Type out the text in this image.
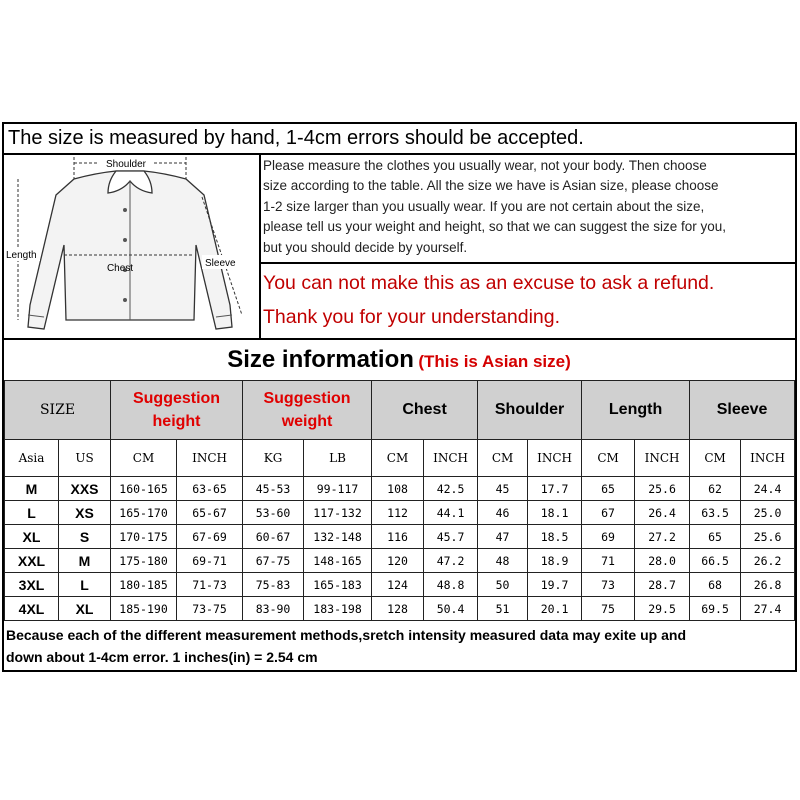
The size is measured by hand, 1-4cm errors should be accepted.
Shoulder
Length
Chest	Sleeve
Please measure the clothes you usually wear, not your body. Then choose
size according to the table. All the size we have is Asian size, please choose
1-2 size larger than you usually wear. If you are not certain about the size,
please tell us your weight and height, so that we can suggest the size for you,
but you should decide by yourself.
You can not make this as an excuse to ask a refund.
Thank you for your understanding.
Size information (This is Asian size)
SIZE		Suggestion height		Suggestion weight		Chest		Shoulder		Length		Sleeve	
Asia	US	CM	INCH	KG	LB	CM	INCH	CM	INCH	CM	INCH	CM	INCH
M	XXS	160-165	63-65	45-53	99-117	108	42.5	45	17.7	65	25.6	62	24.4
L	XS	165-170	65-67	53-60	117-132	112	44.1	46	18.1	67	26.4	63.5	25.0
XL	S	170-175	67-69	60-67	132-148	116	45.7	47	18.5	69	27.2	65	25.6
XXL	M	175-180	69-71	67-75	148-165	120	47.2	48	18.9	71	28.0	66.5	26.2
3XL	L	180-185	71-73	75-83	165-183	124	48.8	50	19.7	73	28.7	68	26.8
4XL	XL	185-190	73-75	83-90	183-198	128	50.4	51	20.1	75	29.5	69.5	27.4
Because each of the different measurement methods,sretch intensity measured data may exite up and
down about 1-4cm error. 1 inches(in) = 2.54 cm
